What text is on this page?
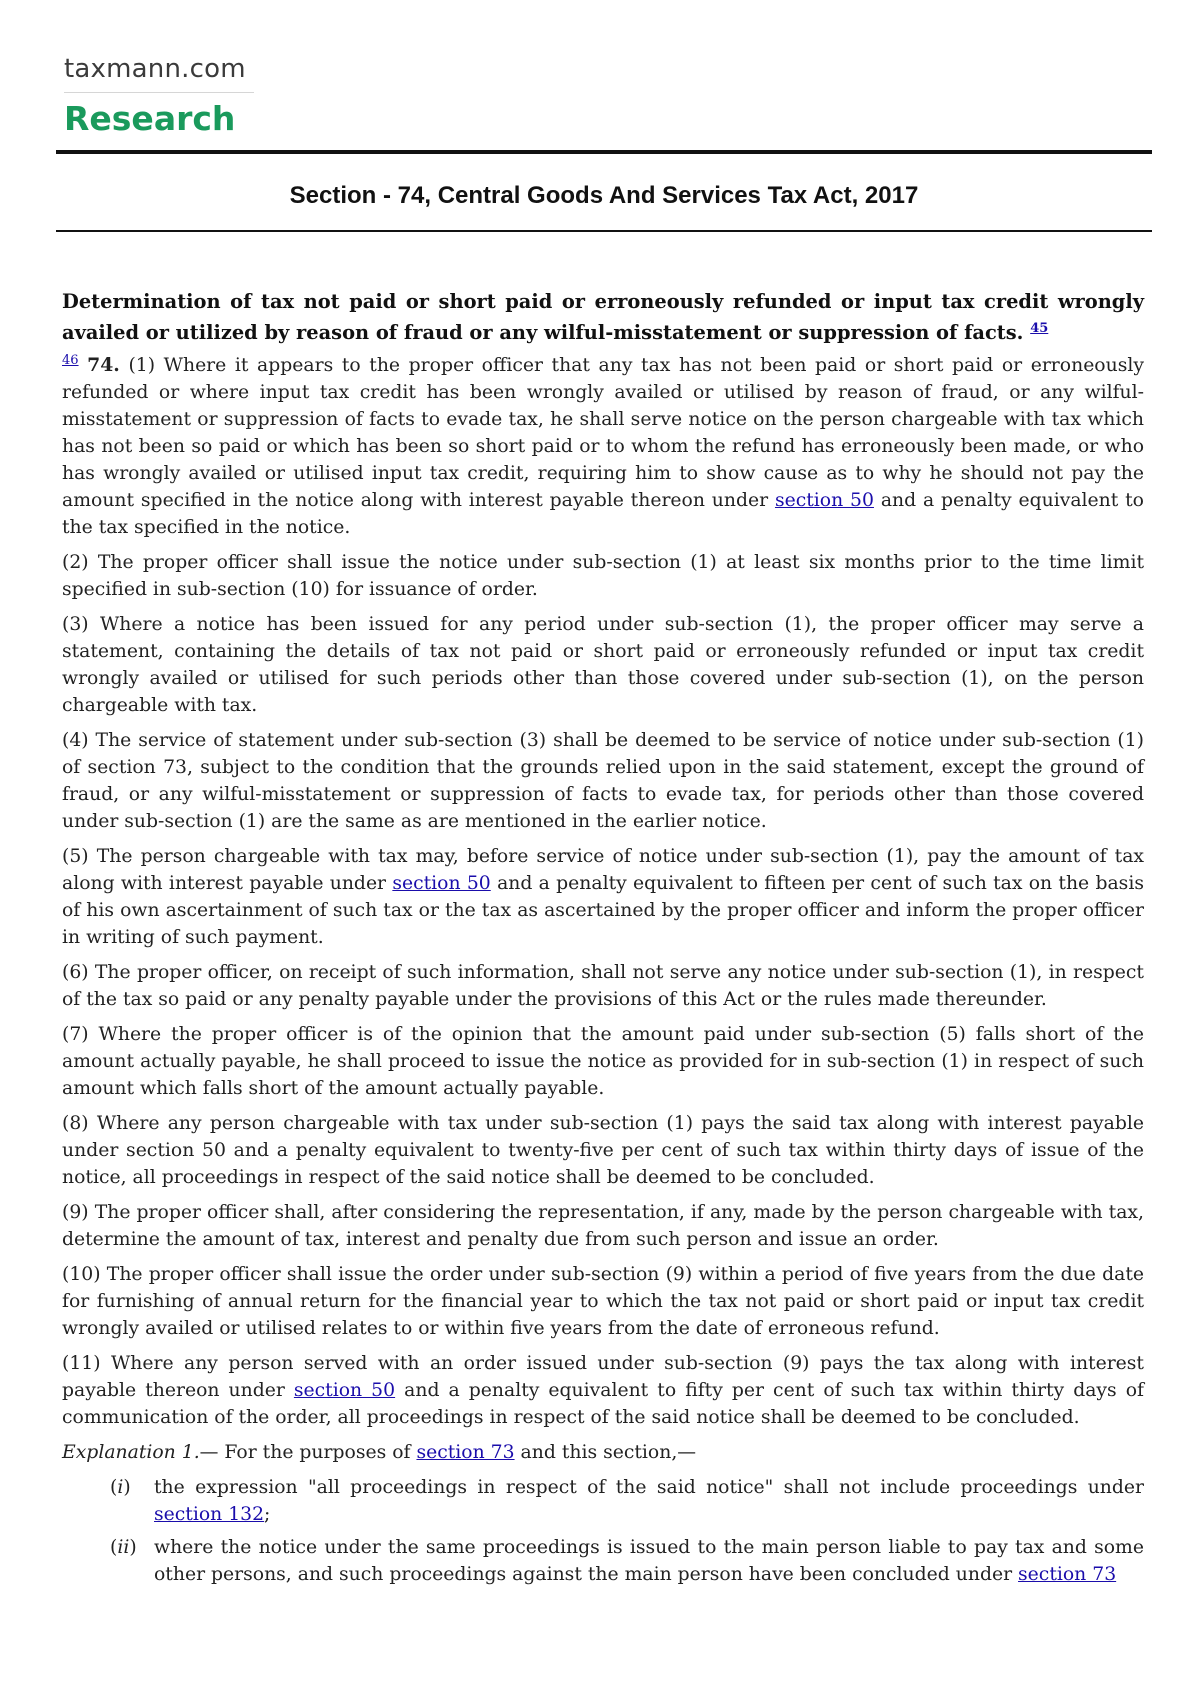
taxmann.com
Research
Section - 74, Central Goods And Services Tax Act, 2017

Determination of tax not paid or short paid or erroneously refunded or input tax credit wrongly availed or utilized by reason of fraud or any wilful-misstatement or suppression of facts. $^{45}$

$^{46}$ 74. (1) Where it appears to the proper officer that any tax has not been paid or short paid or erroneously refunded or where input tax credit has been wrongly availed or utilised by reason of fraud, or any wilful-misstatement or suppression of facts to evade tax, he shall serve notice on the person chargeable with tax which has not been so paid or which has been so short paid or to whom the refund has erroneously been made, or who has wrongly availed or utilised input tax credit, requiring him to show cause as to why he should not pay the amount specified in the notice along with interest payable thereon under section 50 and a penalty equivalent to the tax specified in the notice.

(2) The proper officer shall issue the notice under sub-section (1) at least six months prior to the time limit specified in sub-section (10) for issuance of order.

(3) Where a notice has been issued for any period under sub-section (1), the proper officer may serve a statement, containing the details of tax not paid or short paid or erroneously refunded or input tax credit wrongly availed or utilised for such periods other than those covered under sub-section (1), on the person chargeable with tax.

(4) The service of statement under sub-section (3) shall be deemed to be service of notice under sub-section (1) of section 73, subject to the condition that the grounds relied upon in the said statement, except the ground of fraud, or any wilful-misstatement or suppression of facts to evade tax, for periods other than those covered under sub-section (1) are the same as are mentioned in the earlier notice.

(5) The person chargeable with tax may, before service of notice under sub-section (1), pay the amount of tax along with interest payable under section 50 and a penalty equivalent to fifteen per cent of such tax on the basis of his own ascertainment of such tax or the tax as ascertained by the proper officer and inform the proper officer in writing of such payment.

(6) The proper officer, on receipt of such information, shall not serve any notice under sub-section (1), in respect of the tax so paid or any penalty payable under the provisions of this Act or the rules made thereunder.

(7) Where the proper officer is of the opinion that the amount paid under sub-section (5) falls short of the amount actually payable, he shall proceed to issue the notice as provided for in sub-section (1) in respect of such amount which falls short of the amount actually payable.

(8) Where any person chargeable with tax under sub-section (1) pays the said tax along with interest payable under section 50 and a penalty equivalent to twenty-five per cent of such tax within thirty days of issue of the notice, all proceedings in respect of the said notice shall be deemed to be concluded.

(9) The proper officer shall, after considering the representation, if any, made by the person chargeable with tax, determine the amount of tax, interest and penalty due from such person and issue an order.

(10) The proper officer shall issue the order under sub-section (9) within a period of five years from the due date for furnishing of annual return for the financial year to which the tax not paid or short paid or input tax credit wrongly availed or utilised relates to or within five years from the date of erroneous refund.

(11) Where any person served with an order issued under sub-section (9) pays the tax along with interest payable thereon under section 50 and a penalty equivalent to fifty per cent of such tax within thirty days of communication of the order, all proceedings in respect of the said notice shall be deemed to be concluded.

Explanation 1.— For the purposes of section 73 and this section,—

(i)	the expression "all proceedings in respect of the said notice" shall not include proceedings under section 132;
(ii) where the notice under the same proceedings is issued to the main person liable to pay tax and some other persons, and such proceedings against the main person have been concluded under section 73
